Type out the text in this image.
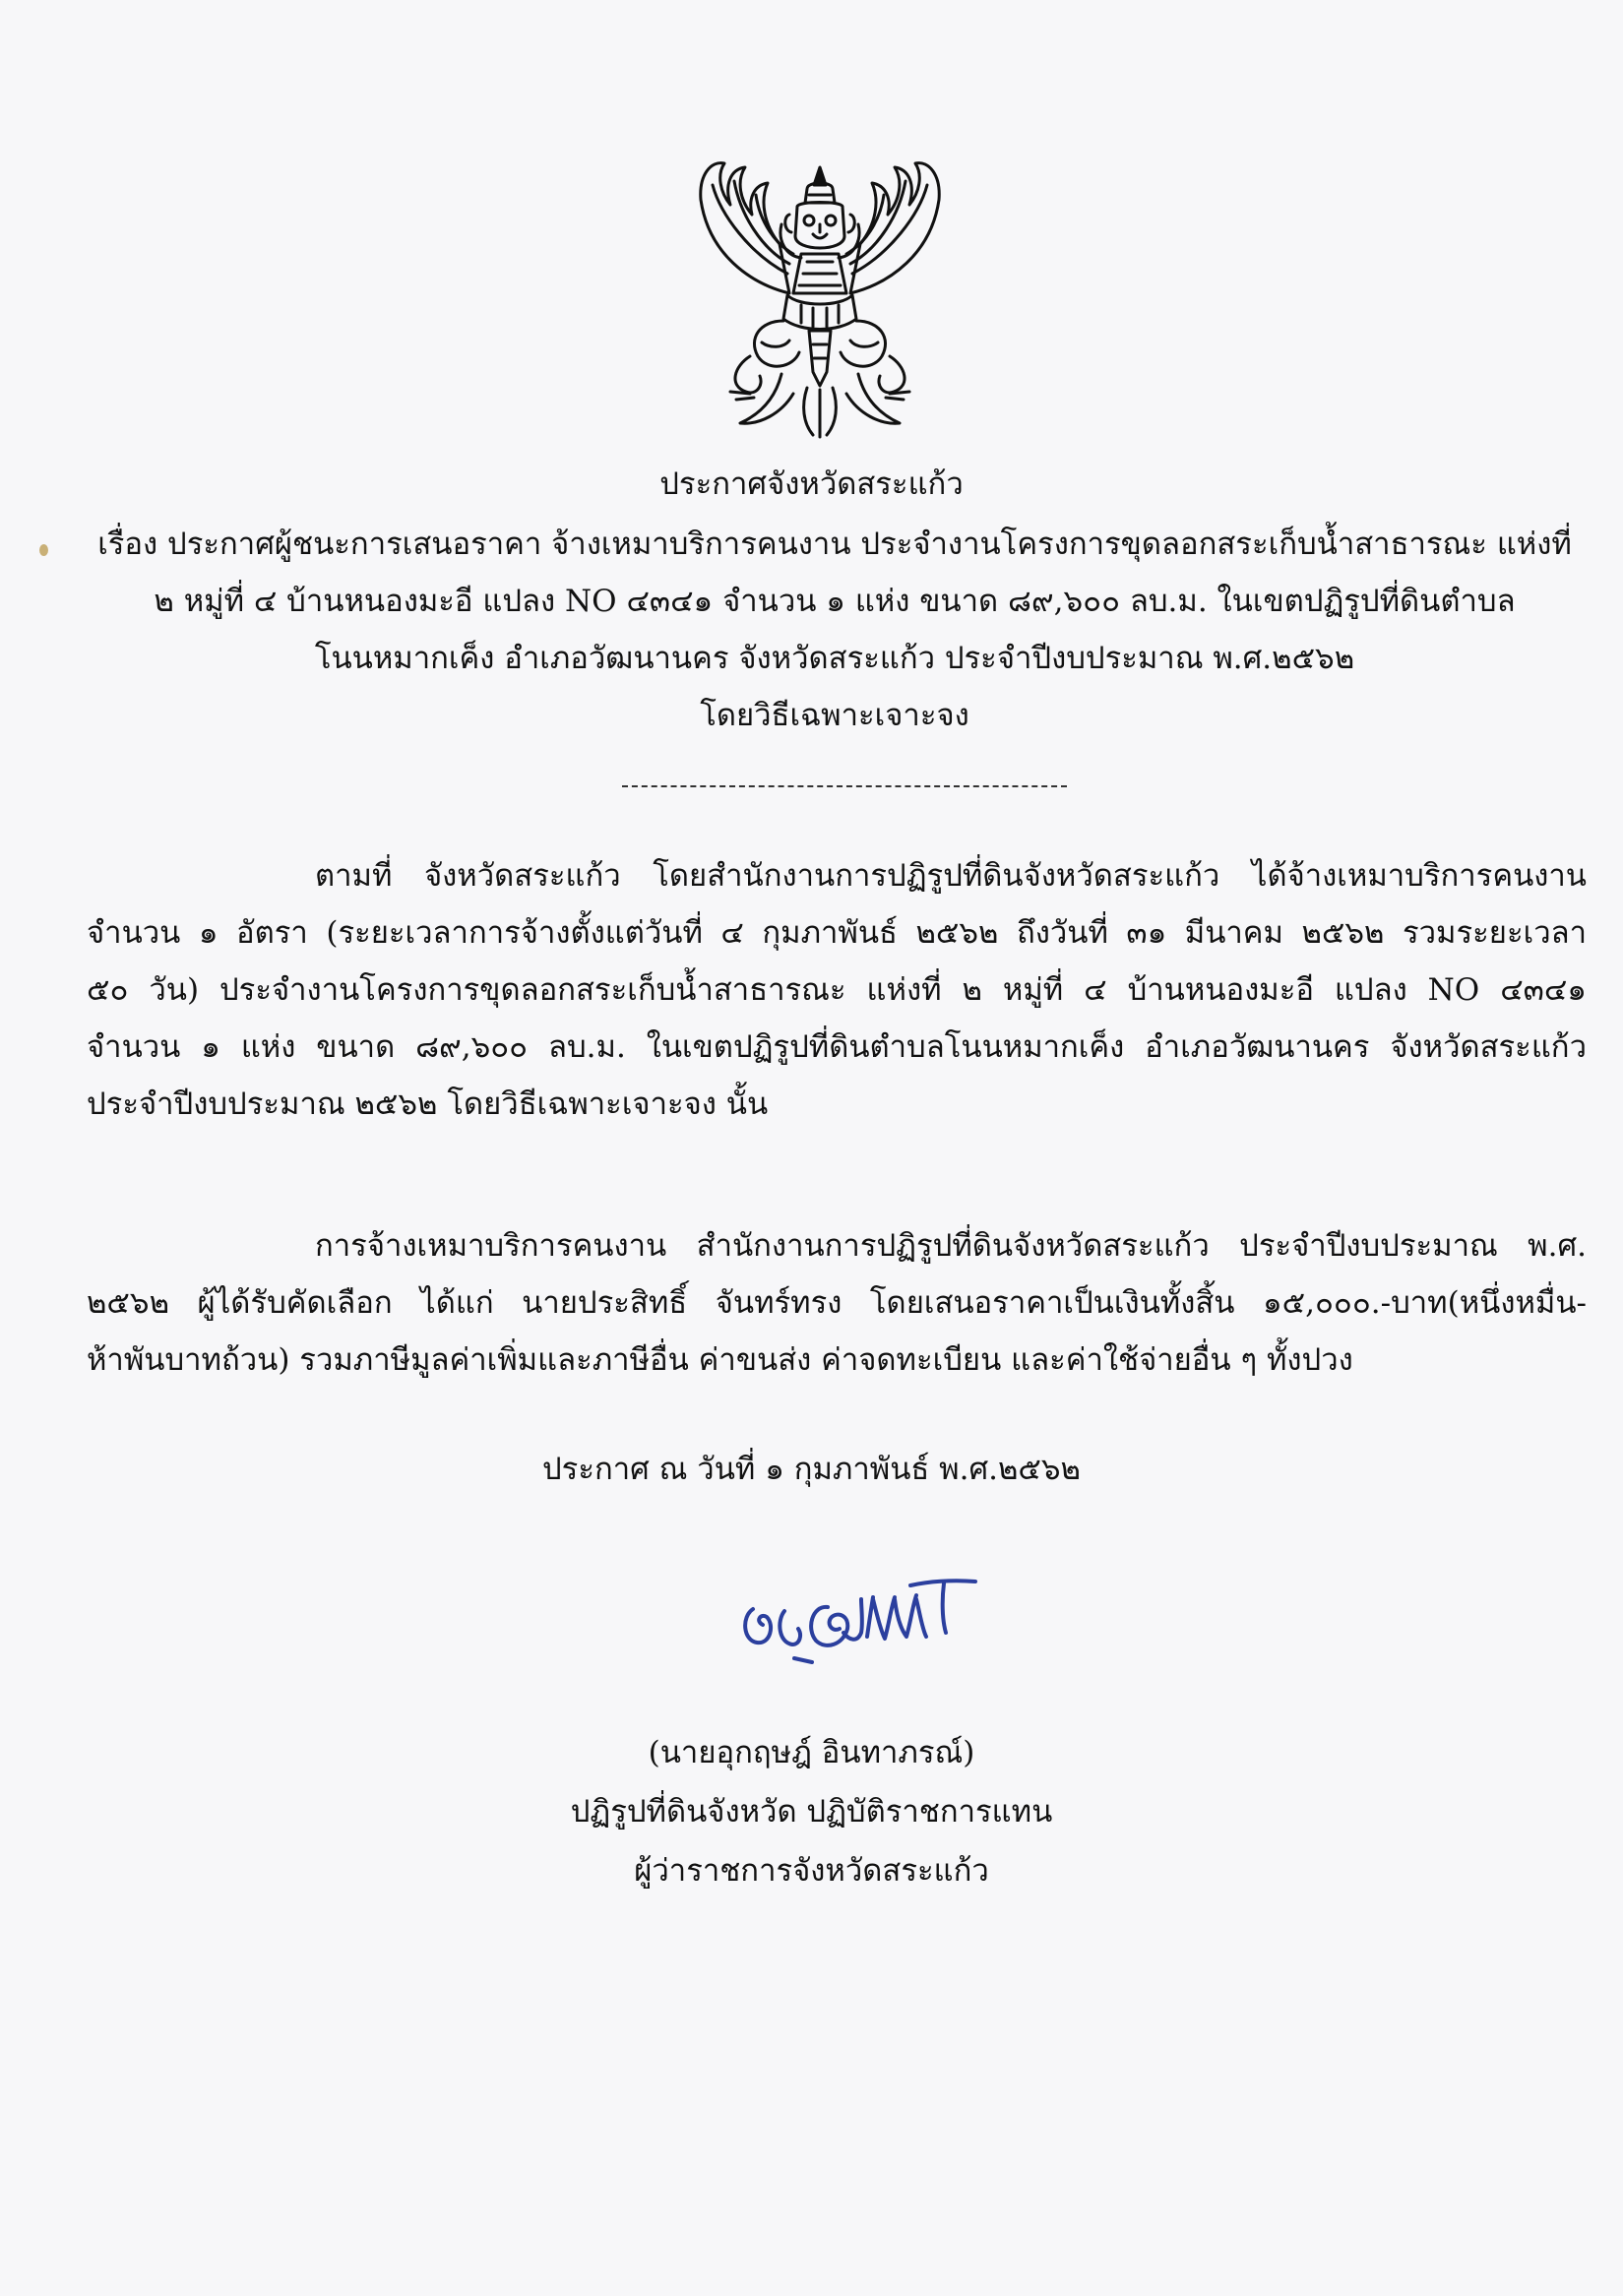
ประกาศจังหวัดสระแก้ว
เรื่อง ประกาศผู้ชนะการเสนอราคา จ้างเหมาบริการคนงาน ประจำงานโครงการขุดลอกสระเก็บน้ำสาธารณะ แห่งที่
๒ หมู่ที่ ๔ บ้านหนองมะอี แปลง NO ๔๓๔๑ จำนวน ๑ แห่ง ขนาด ๘๙,๖๐๐ ลบ.ม. ในเขตปฏิรูปที่ดินตำบล
โนนหมากเค็ง อำเภอวัฒนานคร จังหวัดสระแก้ว ประจำปีงบประมาณ พ.ศ.๒๕๖๒
โดยวิธีเฉพาะเจาะจง
ตามที่ จังหวัดสระแก้ว โดยสำนักงานการปฏิรูปที่ดินจังหวัดสระแก้ว ได้จ้างเหมาบริการคนงาน
จำนวน ๑ อัตรา (ระยะเวลาการจ้างตั้งแต่วันที่ ๔ กุมภาพันธ์ ๒๕๖๒ ถึงวันที่ ๓๑ มีนาคม ๒๕๖๒ รวมระยะเวลา
๕๐ วัน) ประจำงานโครงการขุดลอกสระเก็บน้ำสาธารณะ แห่งที่ ๒ หมู่ที่ ๔ บ้านหนองมะอี แปลง NO ๔๓๔๑
จำนวน ๑ แห่ง ขนาด ๘๙,๖๐๐ ลบ.ม. ในเขตปฏิรูปที่ดินตำบลโนนหมากเค็ง อำเภอวัฒนานคร จังหวัดสระแก้ว
ประจำปีงบประมาณ ๒๕๖๒ โดยวิธีเฉพาะเจาะจง นั้น
การจ้างเหมาบริการคนงาน สำนักงานการปฏิรูปที่ดินจังหวัดสระแก้ว ประจำปีงบประมาณ พ.ศ.
๒๕๖๒ ผู้ได้รับคัดเลือก ได้แก่ นายประสิทธิ์ จันทร์ทรง โดยเสนอราคาเป็นเงินทั้งสิ้น ๑๕,๐๐๐.-บาท(หนึ่งหมื่น-
ห้าพันบาทถ้วน) รวมภาษีมูลค่าเพิ่มและภาษีอื่น ค่าขนส่ง ค่าจดทะเบียน และค่าใช้จ่ายอื่น ๆ ทั้งปวง
ประกาศ ณ วันที่ ๑ กุมภาพันธ์ พ.ศ.๒๕๖๒
(นายอุกฤษฎ์ อินทาภรณ์)
ปฏิรูปที่ดินจังหวัด ปฏิบัติราชการแทน
ผู้ว่าราชการจังหวัดสระแก้ว
